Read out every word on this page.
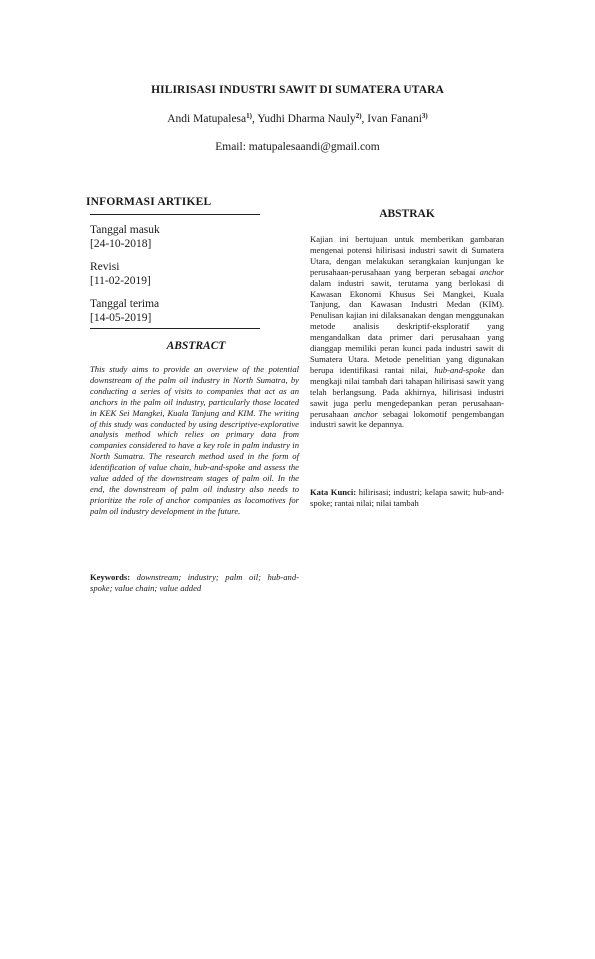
HILIRISASI INDUSTRI SAWIT DI SUMATERA UTARA
Andi Matupalesa$^{1)}$, Yudhi Dharma Nauly$^{2)}$, Ivan Fanani$^{3)}$
Email: matupalesaandi@gmail.com
INFORMASI ARTIKEL
Tanggal masuk
[24-10-2018]
Revisi
[11-02-2019]
Tanggal terima
[14-05-2019]
ABSTRACT
This study aims to provide an overview of the potential downstream of the palm oil industry in North Sumatra, by conducting a series of visits to companies that act as an anchors in the palm oil industry, particularly those located in KEK Sei Mangkei, Kuala Tanjung and KIM. The writing of this study was conducted by using descriptive-explorative analysis method which relies on primary data from companies considered to have a key role in palm industry in North Sumatra. The research method used in the form of identification of value chain, hub-and-spoke and assess the value added of the downstream stages of palm oil. In the end, the downstream of palm oil industry also needs to prioritize the role of anchor companies as locomotives for palm oil industry development in the future.
Keywords: downstream; industry; palm oil; hub-and-spoke; value chain; value added
ABSTRAK
Kajian ini bertujuan untuk memberikan gambaran mengenai potensi hilirisasi industri sawit di Sumatera Utara, dengan melakukan serangkaian kunjungan ke perusahaan-perusahaan yang berperan sebagai anchor dalam industri sawit, terutama yang berlokasi di Kawasan Ekonomi Khusus Sei Mangkei, Kuala Tanjung, dan Kawasan Industri Medan (KIM). Penulisan kajian ini dilaksanakan dengan menggunakan metode analisis deskriptif-eksploratif yang mengandalkan data primer dari perusahaan yang dianggap memiliki peran kunci pada industri sawit di Sumatera Utara. Metode penelitian yang digunakan berupa identifikasi rantai nilai, hub-and-spoke dan mengkaji nilai tambah dari tahapan hilirisasi sawit yang telah berlangsung. Pada akhirnya, hilirisasi industri sawit juga perlu mengedepankan peran perusahaan-perusahaan anchor sebagai lokomotif pengembangan industri sawit ke depannya.
Kata Kunci: hilirisasi; industri; kelapa sawit; hub-and-spoke; rantai nilai; nilai tambah
